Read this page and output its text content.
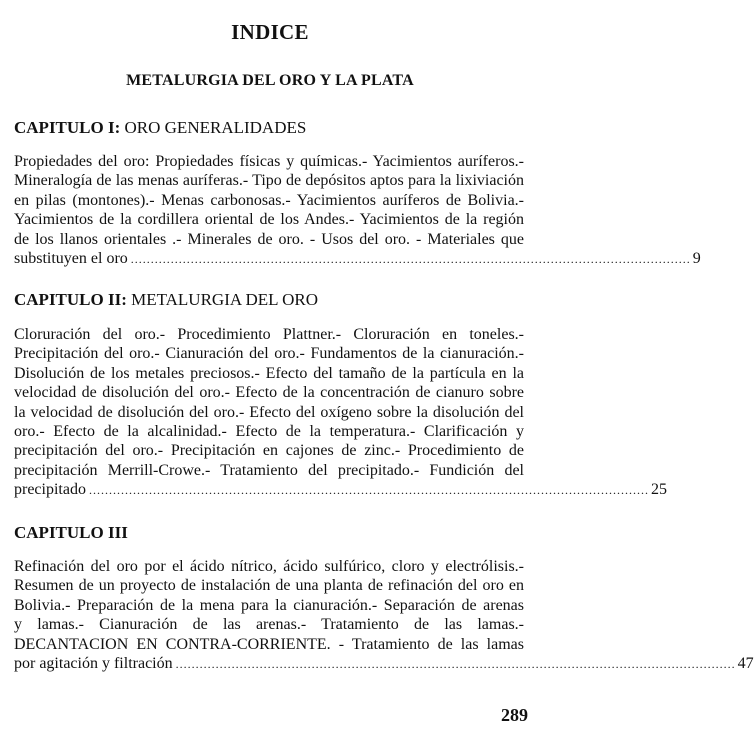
INDICE
METALURGIA DEL ORO Y LA PLATA
CAPITULO I: ORO GENERALIDADES
Propiedades del oro: Propiedades físicas y químicas.- Yacimientos auríferos.-
Mineralogía de las menas auríferas.- Tipo de depósitos aptos para la lixiviación
en pilas (montones).- Menas carbonosas.- Yacimientos auríferos de Bolivia.-
Yacimientos de la cordillera oriental de los Andes.- Yacimientos de la región
de los llanos orientales .- Minerales de oro. - Usos del oro. - Materiales que
substituyen el oro ............................................................................................................................................ 9
CAPITULO II: METALURGIA DEL ORO
Cloruración del oro.- Procedimiento Plattner.- Cloruración en toneles.-
Precipitación del oro.- Cianuración del oro.- Fundamentos de la cianuración.-
Disolución de los metales preciosos.- Efecto del tamaño de la partícula en la
velocidad de disolución del oro.- Efecto de la concentración de cianuro sobre
la velocidad de disolución del oro.- Efecto del oxígeno sobre la disolución del
oro.- Efecto de la alcalinidad.- Efecto de la temperatura.- Clarificación y
precipitación del oro.- Precipitación en cajones de zinc.- Procedimiento de
precipitación Merrill-Crowe.- Tratamiento del precipitado.- Fundición del
precipitado ............................................................................................................................................ 25
CAPITULO III
Refinación del oro por el ácido nítrico, ácido sulfúrico, cloro y electrólisis.-
Resumen de un proyecto de instalación de una planta de refinación del oro en
Bolivia.- Preparación de la mena para la cianuración.- Separación de arenas
y lamas.- Cianuración de las arenas.- Tratamiento de las lamas.-
DECANTACION EN CONTRA-CORRIENTE. - Tratamiento de las lamas
por agitación y filtración ............................................................................................................................................ 47
289
